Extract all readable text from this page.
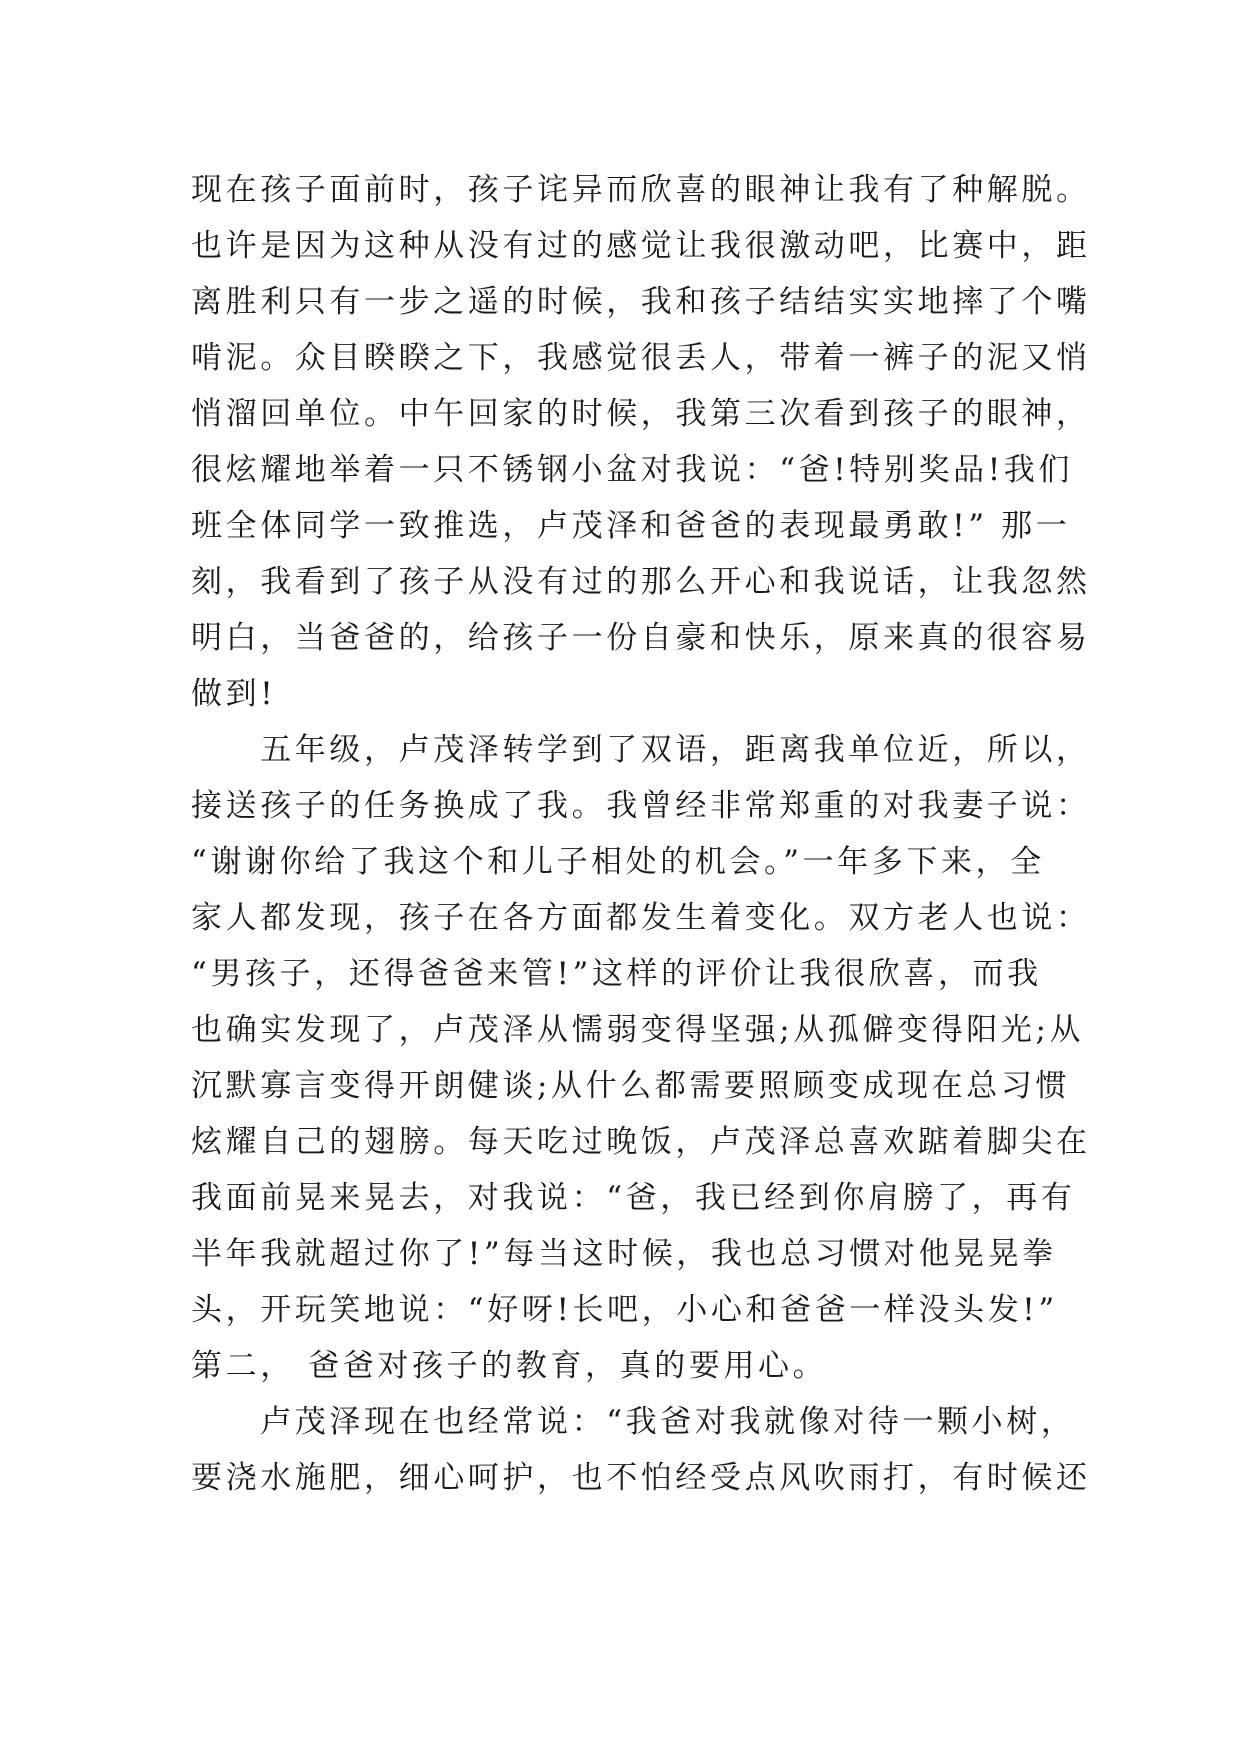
现在孩子面前时，孩子诧异而欣喜的眼神让我有了种解脱。
也许是因为这种从没有过的感觉让我很激动吧，比赛中，距
离胜利只有一步之遥的时候，我和孩子结结实实地摔了个嘴
啃泥。众目睽睽之下，我感觉很丢人，带着一裤子的泥又悄
悄溜回单位。中午回家的时候，我第三次看到孩子的眼神，
很炫耀地举着一只不锈钢小盆对我说：“爸!特别奖品!我们
班全体同学一致推选，卢茂泽和爸爸的表现最勇敢!” 那一
刻，我看到了孩子从没有过的那么开心和我说话，让我忽然
明白，当爸爸的，给孩子一份自豪和快乐，原来真的很容易
做到!
　　五年级，卢茂泽转学到了双语，距离我单位近，所以，
接送孩子的任务换成了我。我曾经非常郑重的对我妻子说：
“谢谢你给了我这个和儿子相处的机会。”一年多下来，全
家人都发现，孩子在各方面都发生着变化。双方老人也说：
“男孩子，还得爸爸来管!”这样的评价让我很欣喜，而我
也确实发现了，卢茂泽从懦弱变得坚强;从孤僻变得阳光;从
沉默寡言变得开朗健谈;从什么都需要照顾变成现在总习惯
炫耀自己的翅膀。每天吃过晚饭，卢茂泽总喜欢踮着脚尖在
我面前晃来晃去，对我说：“爸，我已经到你肩膀了，再有
半年我就超过你了!”每当这时候，我也总习惯对他晃晃拳
头，开玩笑地说：“好呀!长吧，小心和爸爸一样没头发!”
第二， 爸爸对孩子的教育，真的要用心。
　　卢茂泽现在也经常说：“我爸对我就像对待一颗小树，
要浇水施肥，细心呵护，也不怕经受点风吹雨打，有时候还
